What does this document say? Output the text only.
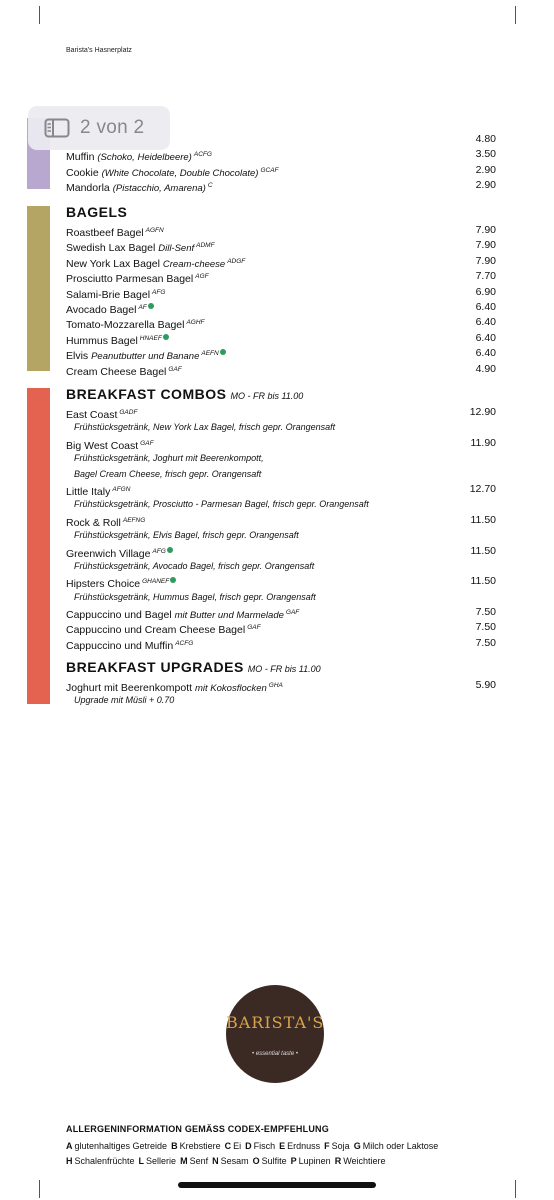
Barista's Hasnerplatz
4.80
Muffin (Schoko, Heidelbeere) $^{ACFG}$	3.50
Cookie (White Chocolate, Double Chocolate) $^{GCAF}$	2.90
Mandorla (Pistacchio, Amarena) $^C$	2.90
BAGELS
Roastbeef Bagel $^{AGFN}$	7.90
Swedish Lax Bagel Dill-Senf $^{ADMF}$	7.90
New York Lax Bagel Cream-cheese $^{ADGF}$	7.90
Prosciutto Parmesan Bagel $^{AGF}$	7.70
Salami-Brie Bagel $^{AFG}$	6.90
Avocado Bagel $^{AF}$	6.40
Tomato-Mozzarella Bagel $^{AGHF}$	6.40
Hummus Bagel $^{HNAEF}$	6.40
Elvis Peanutbutter und Banane $^{AEFN}$	6.40
Cream Cheese Bagel $^{GAF}$	4.90
BREAKFAST COMBOS MO - FR bis 11.00
East Coast $^{GADF}$	12.90
Frühstücksgetränk, New York Lax Bagel, frisch gepr. Orangensaft
Big West Coast $^{GAF}$	11.90
Frühstücksgetränk, Joghurt mit Beerenkompott,
Bagel Cream Cheese, frisch gepr. Orangensaft
Little Italy $^{AFGN}$	12.70
Frühstücksgetränk, Prosciutto - Parmesan Bagel, frisch gepr. Orangensaft
Rock & Roll $^{AEFNG}$	11.50
Frühstücksgetränk, Elvis Bagel, frisch gepr. Orangensaft
Greenwich Village $^{AFG}$	11.50
Frühstücksgetränk, Avocado Bagel, frisch gepr. Orangensaft
Hipsters Choice $^{GHANEF}$	11.50
Frühstücksgetränk, Hummus Bagel, frisch gepr. Orangensaft
Cappuccino und Bagel mit Butter und Marmelade $^{GAF}$	7.50
Cappuccino und Cream Cheese Bagel $^{GAF}$	7.50
Cappuccino und Muffin $^{ACFG}$	7.50
BREAKFAST UPGRADES MO - FR bis 11.00
Joghurt mit Beerenkompott mit Kokosflocken $^{GHA}$	5.90
Upgrade mit Müsli + 0.70
BARISTA'S
• essential taste •
ALLERGENINFORMATION GEMÄSS CODEX-EMPFEHLUNG
A glutenhaltiges Getreide B Krebstiere C Ei D Fisch E Erdnuss F Soja G Milch oder Laktose
H Schalenfrüchte L Sellerie M Senf N Sesam O Sulfite P Lupinen R Weichtiere
2 von 2
